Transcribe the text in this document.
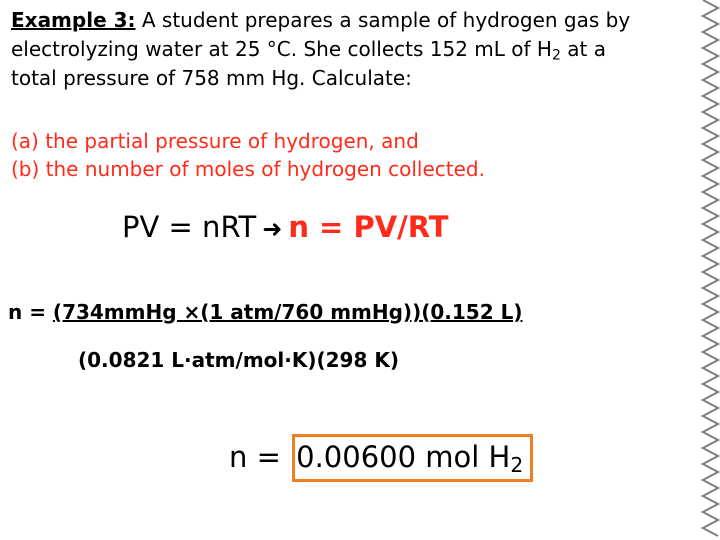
Example 3: A student prepares a sample of hydrogen gas by
electrolyzing water at 25 °C. She collects 152 mL of $H_2$ at a
total pressure of 758 mm Hg. Calculate:
(a) the partial pressure of hydrogen, and
(b) the number of moles of hydrogen collected.
PV = nRT ➜ n = PV/RT
n = (734mmHg ×(1 atm/760 mmHg))(0.152 L)
(0.0821 L·atm/mol·K)(298 K)
n = 0.00600 mol $H_2$
